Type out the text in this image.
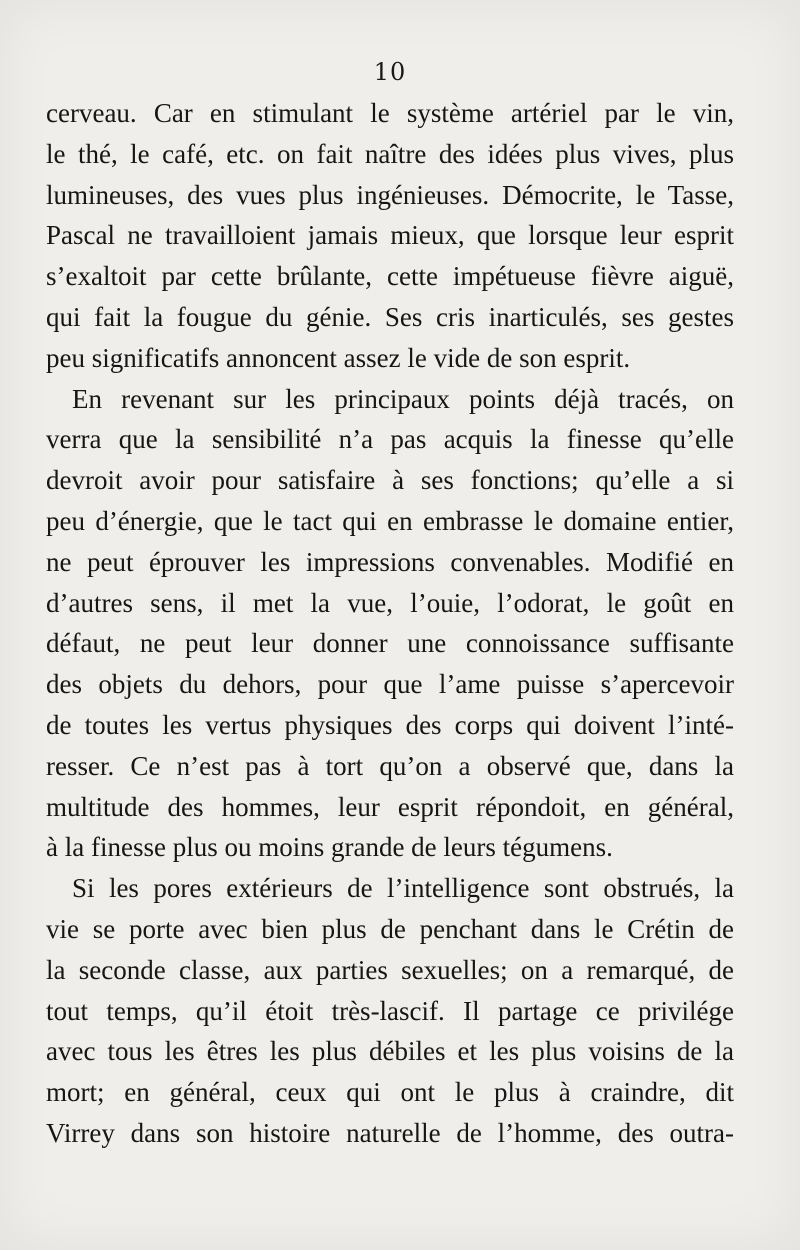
10
cerveau. Car en stimulant le système artériel par le vin,
le thé, le café, etc. on fait naître des idées plus vives, plus
lumineuses, des vues plus ingénieuses. Démocrite, le Tasse,
Pascal ne travailloient jamais mieux, que lorsque leur esprit
s’exaltoit par cette brûlante, cette impétueuse fièvre aiguë,
qui fait la fougue du génie. Ses cris inarticulés, ses gestes
peu significatifs annoncent assez le vide de son esprit.
En revenant sur les principaux points déjà tracés, on
verra que la sensibilité n’a pas acquis la finesse qu’elle
devroit avoir pour satisfaire à ses fonctions; qu’elle a si
peu d’énergie, que le tact qui en embrasse le domaine entier,
ne peut éprouver les impressions convenables. Modifié en
d’autres sens, il met la vue, l’ouie, l’odorat, le goût en
défaut, ne peut leur donner une connoissance suffisante
des objets du dehors, pour que l’ame puisse s’apercevoir
de toutes les vertus physiques des corps qui doivent l’inté-
resser. Ce n’est pas à tort qu’on a observé que, dans la
multitude des hommes, leur esprit répondoit, en général,
à la finesse plus ou moins grande de leurs tégumens.
Si les pores extérieurs de l’intelligence sont obstrués, la
vie se porte avec bien plus de penchant dans le Crétin de
la seconde classe, aux parties sexuelles; on a remarqué, de
tout temps, qu’il étoit très-lascif. Il partage ce privilége
avec tous les êtres les plus débiles et les plus voisins de la
mort; en général, ceux qui ont le plus à craindre, dit
Virrey dans son histoire naturelle de l’homme, des outra-
